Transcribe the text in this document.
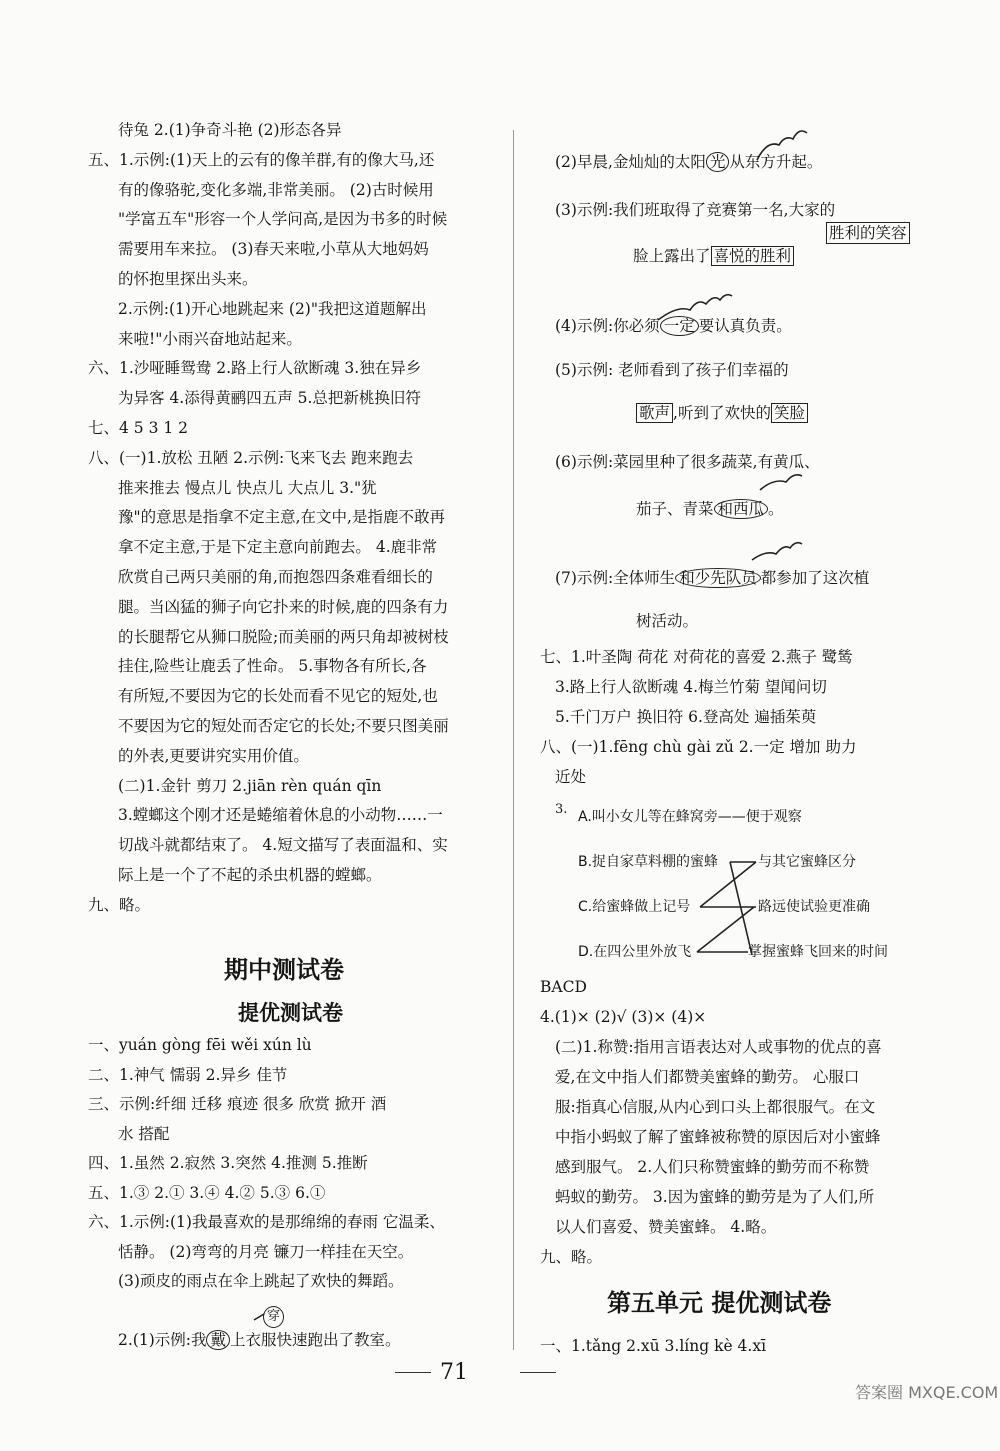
待兔 2.(1)争奇斗艳 (2)形态各异
五、1.示例:(1)天上的云有的像羊群,有的像大马,还
有的像骆驼,变化多端,非常美丽。 (2)古时候用
"学富五车"形容一个人学问高,是因为书多的时候
需要用车来拉。 (3)春天来啦,小草从大地妈妈
的怀抱里探出头来。
2.示例:(1)开心地跳起来 (2)"我把这道题解出
来啦!"小雨兴奋地站起来。
六、1.沙哑睡鸳鸯 2.路上行人欲断魂 3.独在异乡
为异客 4.添得黄鹂四五声 5.总把新桃换旧符
七、4 5 3 1 2
八、(一)1.放松 丑陋 2.示例:飞来飞去 跑来跑去
推来推去 慢点儿 快点儿 大点儿 3."犹
豫"的意思是指拿不定主意,在文中,是指鹿不敢再
拿不定主意,于是下定主意向前跑去。 4.鹿非常
欣赏自己两只美丽的角,而抱怨四条难看细长的
腿。当凶猛的狮子向它扑来的时候,鹿的四条有力
的长腿帮它从狮口脱险;而美丽的两只角却被树枝
挂住,险些让鹿丢了性命。 5.事物各有所长,各
有所短,不要因为它的长处而看不见它的短处,也
不要因为它的短处而否定它的长处;不要只图美丽
的外表,更要讲究实用价值。
(二)1.金针 剪刀 2.jiān rèn quán qīn
3.螳螂这个刚才还是蜷缩着休息的小动物……一
切战斗就都结束了。 4.短文描写了表面温和、实
际上是一个了不起的杀虫机器的螳螂。
九、略。
期中测试卷
提优测试卷
一、yuán gòng fēi wěi xún lù
二、1.神气 懦弱 2.异乡 佳节
三、示例:纤细 迁移 痕迹 很多 欣赏 掀开 酒
水 搭配
四、1.虽然 2.寂然 3.突然 4.推测 5.推断
五、1.③ 2.① 3.④ 4.② 5.③ 6.①
六、1.示例:(1)我最喜欢的是那绵绵的春雨 它温柔、
恬静。 (2)弯弯的月亮 镰刀一样挂在天空。
(3)顽皮的雨点在伞上跳起了欢快的舞蹈。
2.(1)示例:我 戴 上衣服快速跑出了教室。
穿
(2)早晨,金灿灿的太阳 光 从东方升起。
(3)示例:我们班取得了竞赛第一名,大家的
胜利的笑容
脸上露出了 喜悦的胜利
(4)示例:你必须 一定 要认真负责。
(5)示例: 老师看到了孩子们幸福的
歌声 ,听到了欢快的 笑脸
(6)示例:菜园里种了很多蔬菜,有黄瓜、
茄子、青菜 和西瓜 。
(7)示例:全体师生 和少先队员 都参加了这次植
树活动。
七、1.叶圣陶 荷花 对荷花的喜爱 2.燕子 鹭鸶
3.路上行人欲断魂 4.梅兰竹菊 望闻问切
5.千门万户 换旧符 6.登高处 遍插茱萸
八、(一)1.fēng chù gài zǔ 2.一定 增加 助力
近处
3. A.叫小女儿等在蜂窝旁——便于观察
B.捉自家草料棚的蜜蜂
C.给蜜蜂做上记号
D.在四公里外放飞
与其它蜜蜂区分
路远使试验更准确
掌握蜜蜂飞回来的时间
BACD
4.(1)× (2)√ (3)× (4)×
(二)1.称赞:指用言语表达对人或事物的优点的喜
爱,在文中指人们都赞美蜜蜂的勤劳。 心服口
服:指真心信服,从内心到口头上都很服气。在文
中指小蚂蚁了解了蜜蜂被称赞的原因后对小蜜蜂
感到服气。 2.人们只称赞蜜蜂的勤劳而不称赞
蚂蚁的勤劳。 3.因为蜜蜂的勤劳是为了人们,所
以人们喜爱、赞美蜜蜂。 4.略。
九、略。
第五单元 提优测试卷
一、1.tǎng 2.xū 3.líng kè 4.xī
71
答案圈 MXQE.COM
